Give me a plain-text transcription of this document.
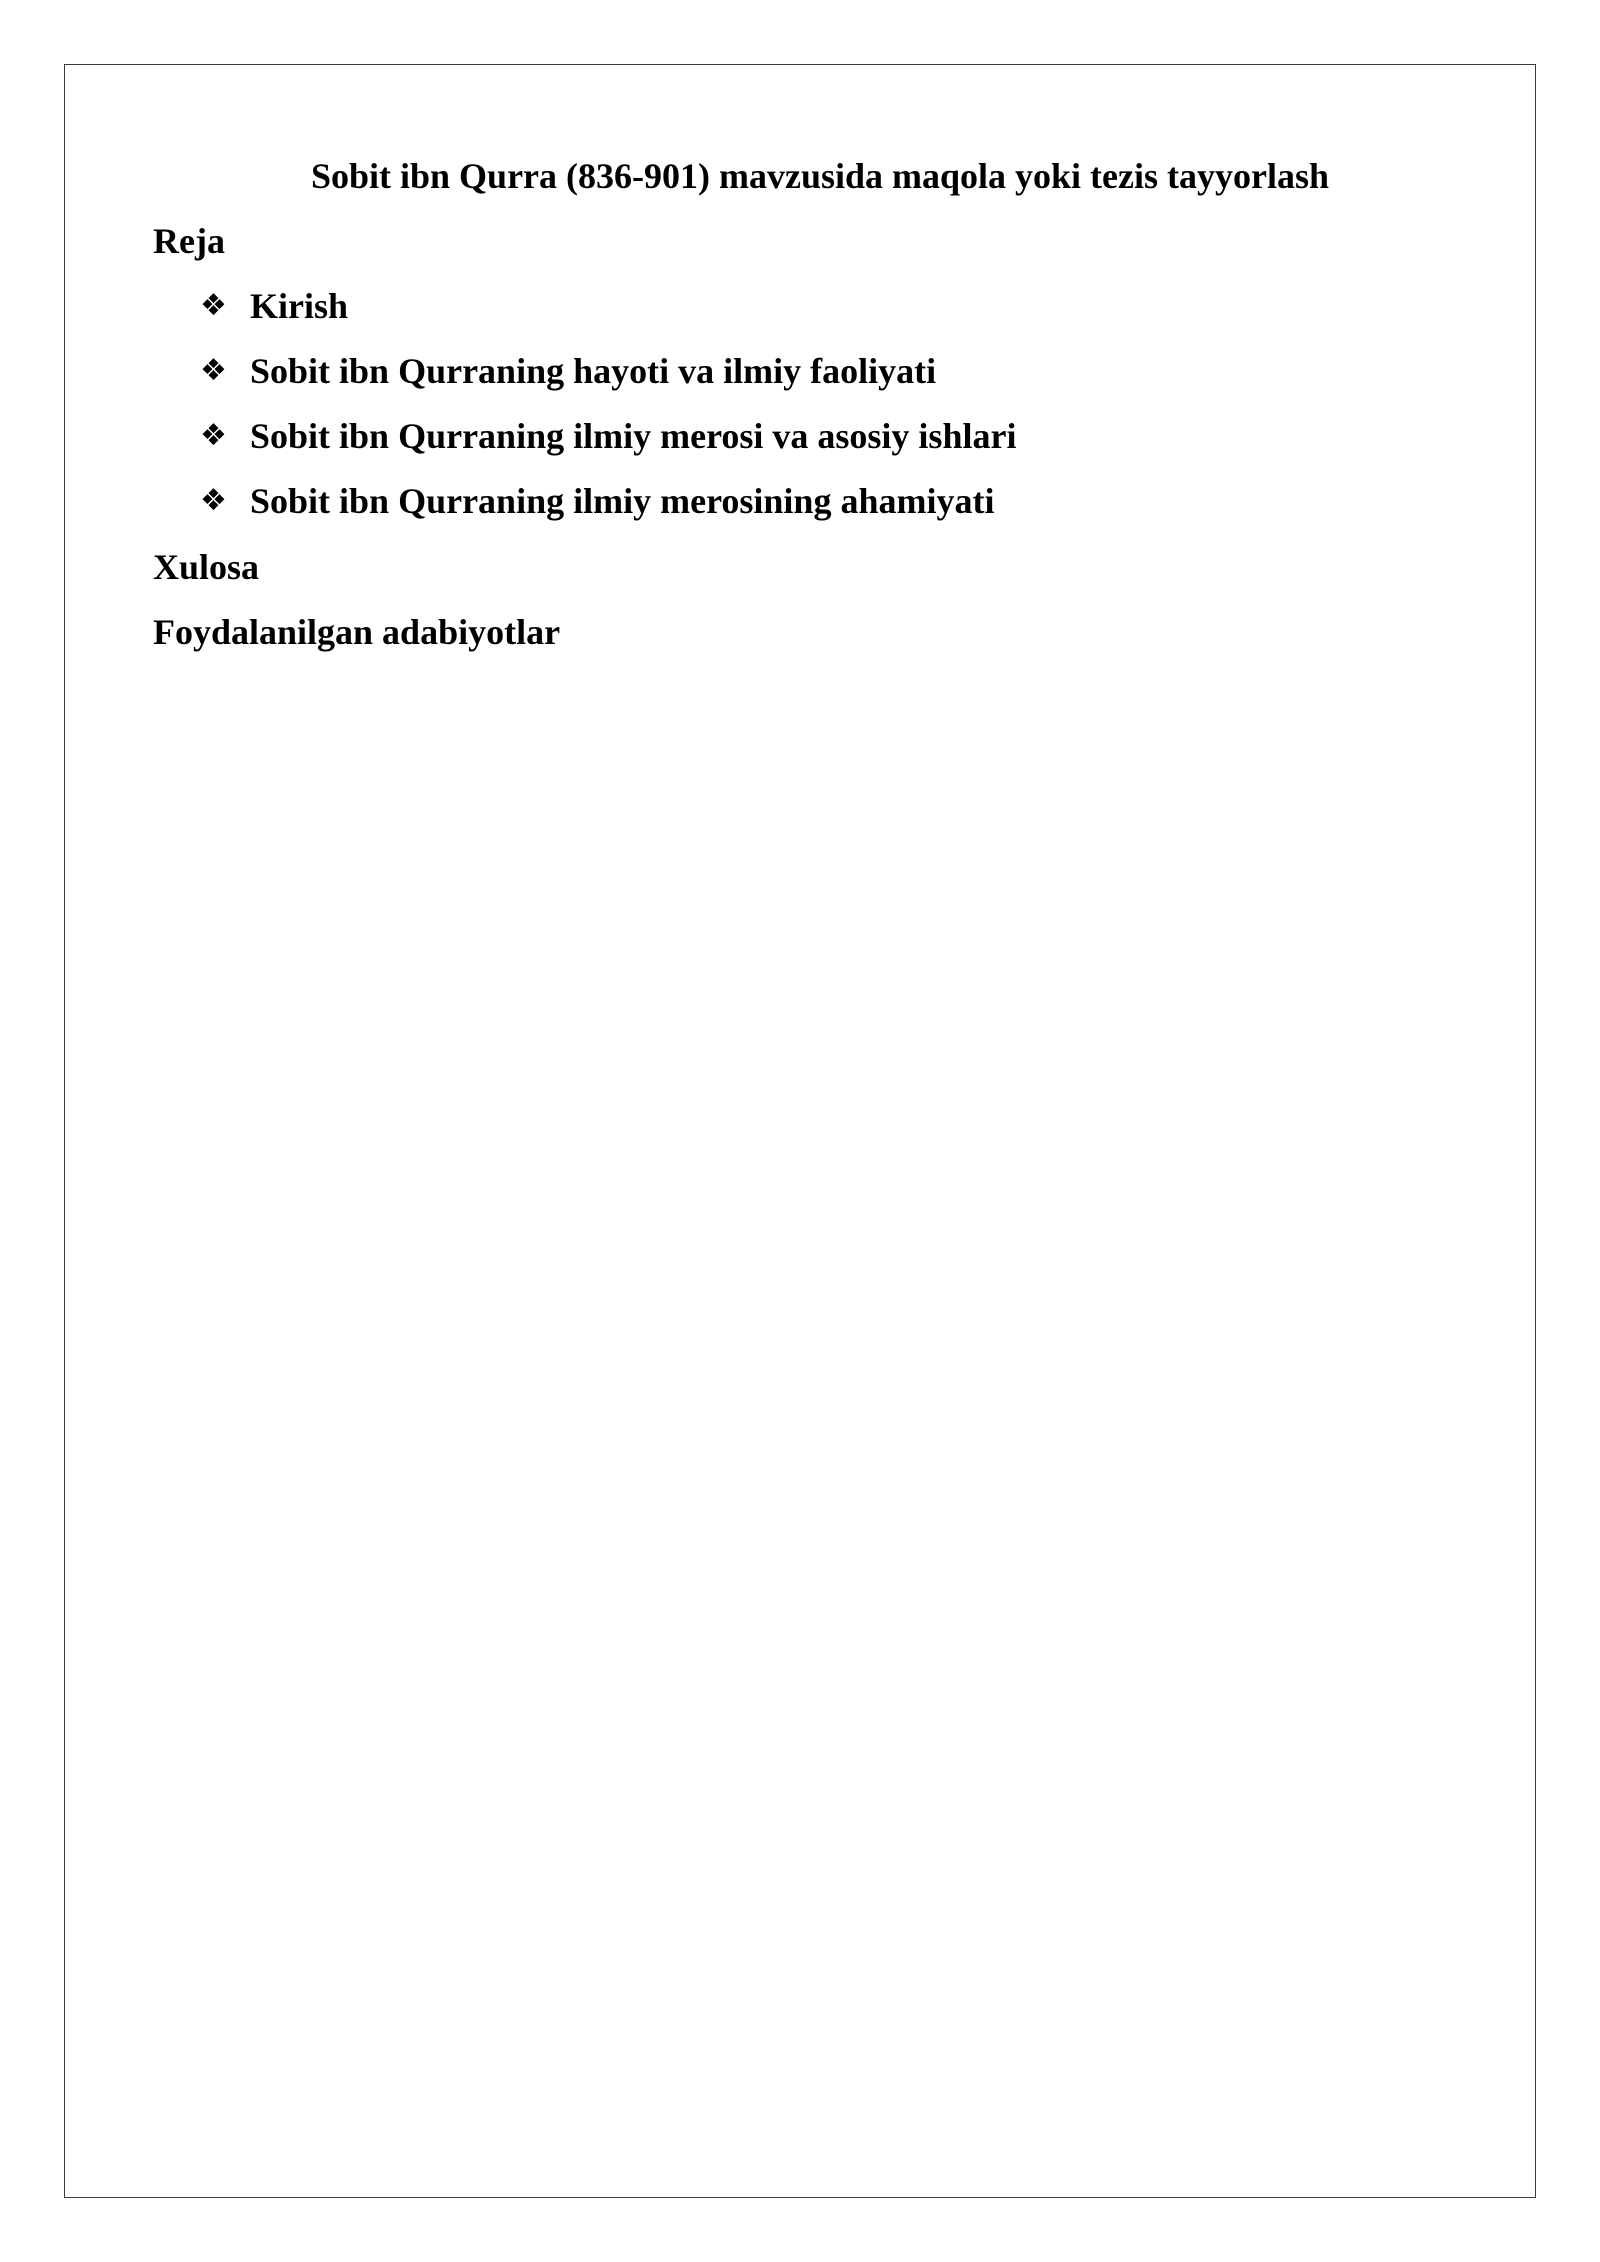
Sobit ibn Qurra (836-901) mavzusida maqola yoki tezis tayyorlash
Reja
❖ Kirish
❖ Sobit ibn Qurraning hayoti va ilmiy faoliyati
❖ Sobit ibn Qurraning ilmiy merosi va asosiy ishlari
❖ Sobit ibn Qurraning ilmiy merosining ahamiyati
Xulosa
Foydalanilgan adabiyotlar
